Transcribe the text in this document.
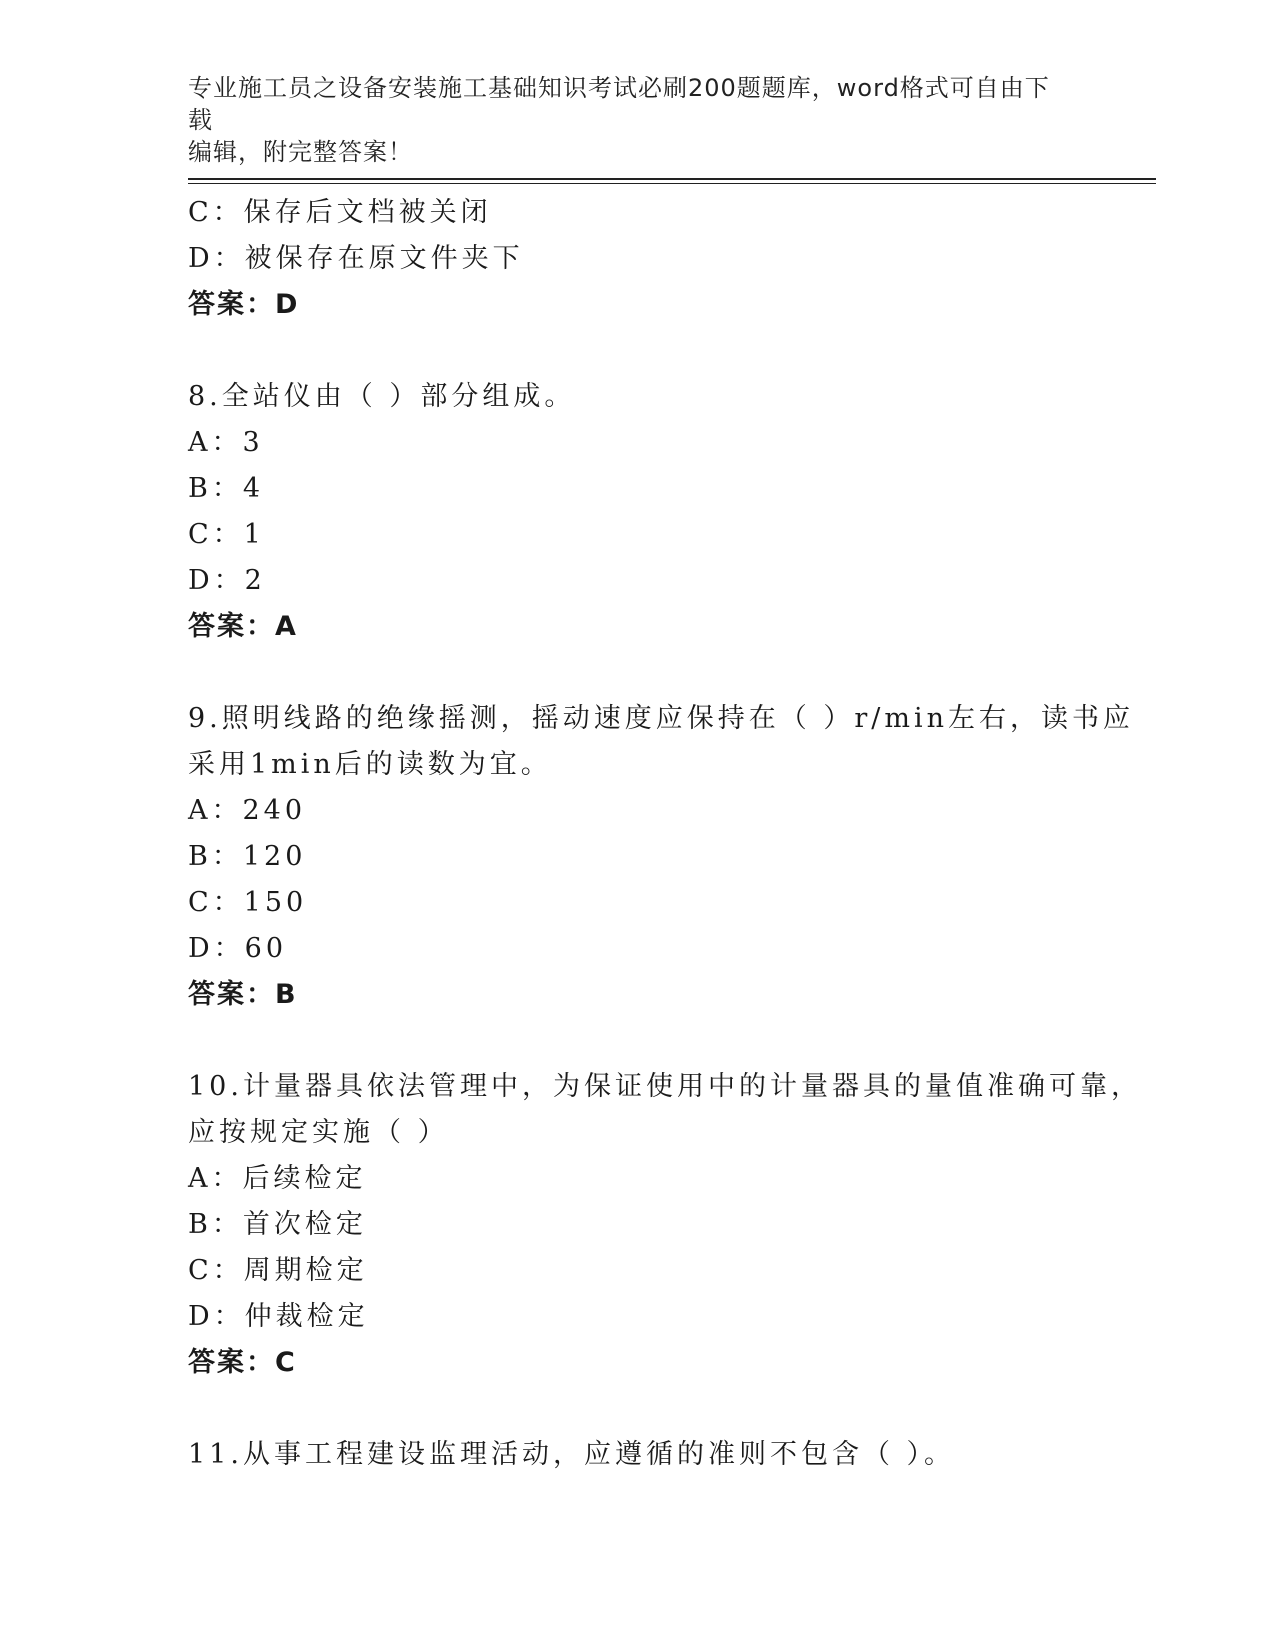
专业施工员之设备安装施工基础知识考试必刷200题题库，word格式可自由下载
编辑，附完整答案！
C：保存后文档被关闭
D：被保存在原文件夹下
答案：D
8.全站仪由（ ）部分组成。
A：3
B：4
C：1
D：2
答案：A
9.照明线路的绝缘摇测，摇动速度应保持在（ ）r/min左右，读书应
采用1min后的读数为宜。
A：240
B：120
C：150
D：60
答案：B
10.计量器具依法管理中，为保证使用中的计量器具的量值准确可靠，
应按规定实施（ ）
A：后续检定
B：首次检定
C：周期检定
D：仲裁检定
答案：C
11.从事工程建设监理活动，应遵循的准则不包含（ ）。
